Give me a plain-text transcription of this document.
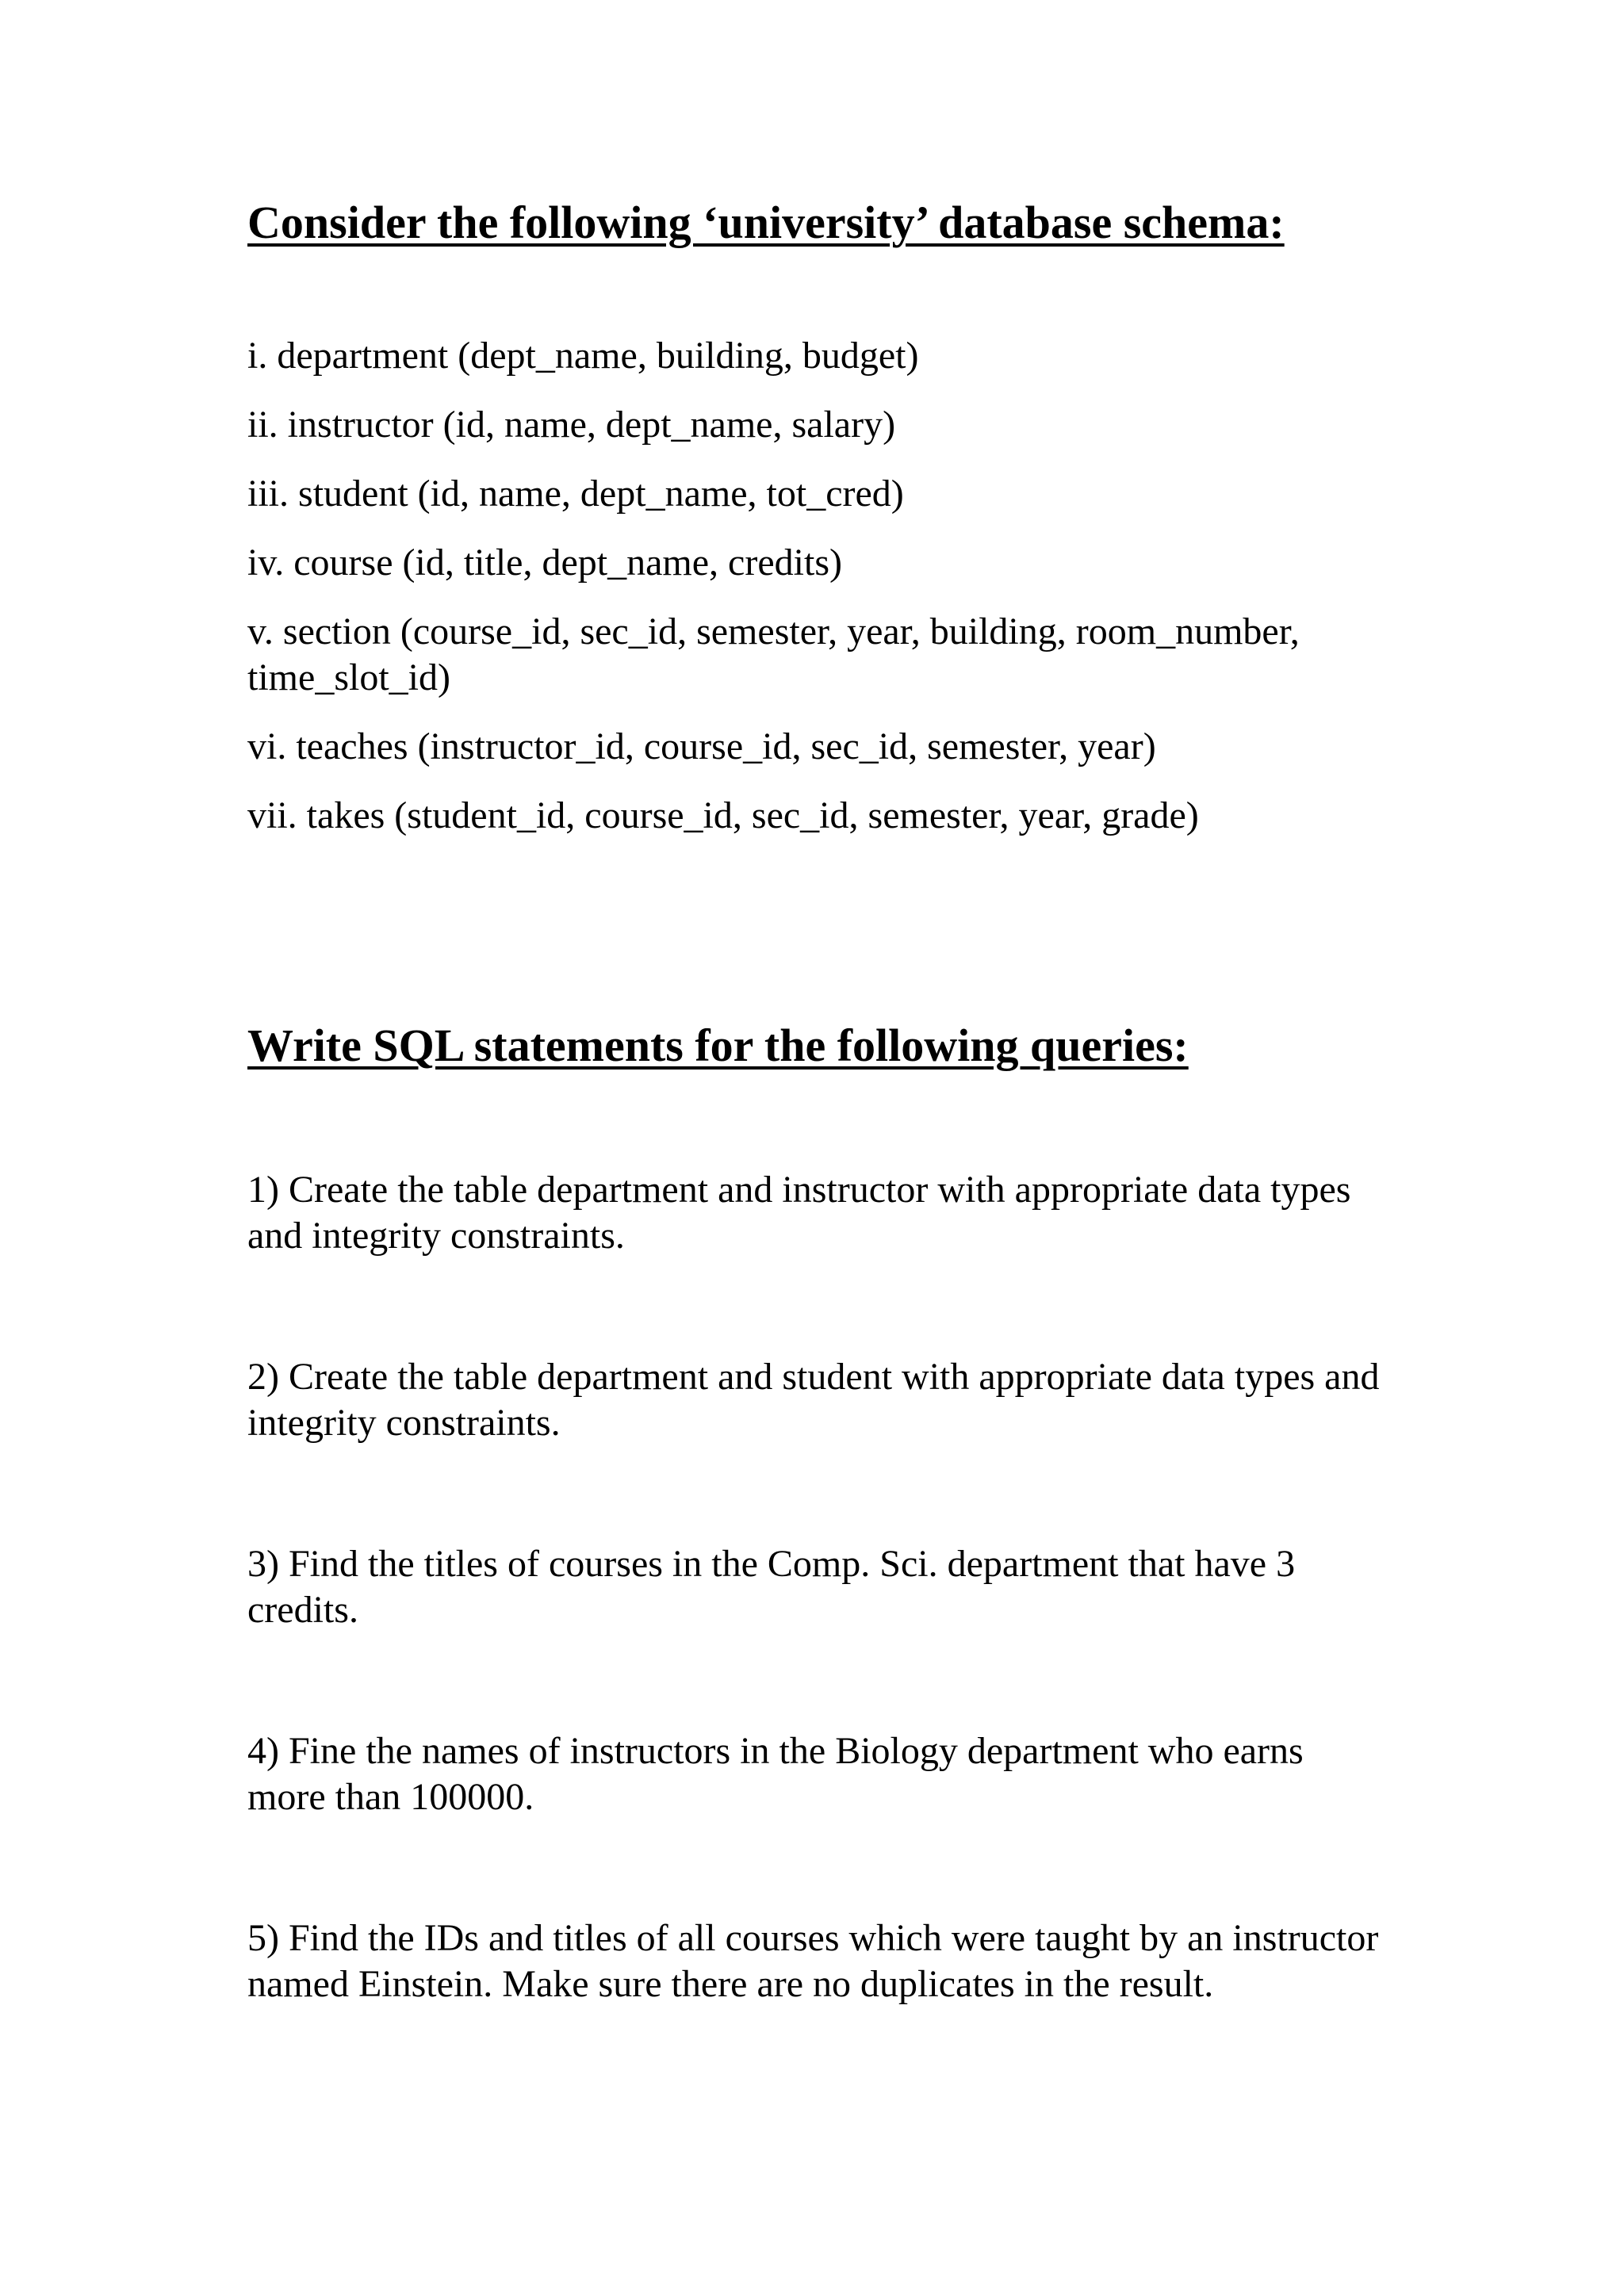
Consider the following ‘university’ database schema:
i. department (dept_name, building, budget)
ii. instructor (id, name, dept_name, salary)
iii. student (id, name, dept_name, tot_cred)
iv. course (id, title, dept_name, credits)
v. section (course_id, sec_id, semester, year, building, room_number, time_slot_id)
vi. teaches (instructor_id, course_id, sec_id, semester, year)
vii. takes (student_id, course_id, sec_id, semester, year, grade)
Write SQL statements for the following queries:
1) Create the table department and instructor with appropriate data types and integrity constraints.
2) Create the table department and student with appropriate data types and integrity constraints.
3) Find the titles of courses in the Comp. Sci. department that have 3 credits.
4) Fine the names of instructors in the Biology department who earns more than 100000.
5) Find the IDs and titles of all courses which were taught by an instructor named Einstein. Make sure there are no duplicates in the result.
